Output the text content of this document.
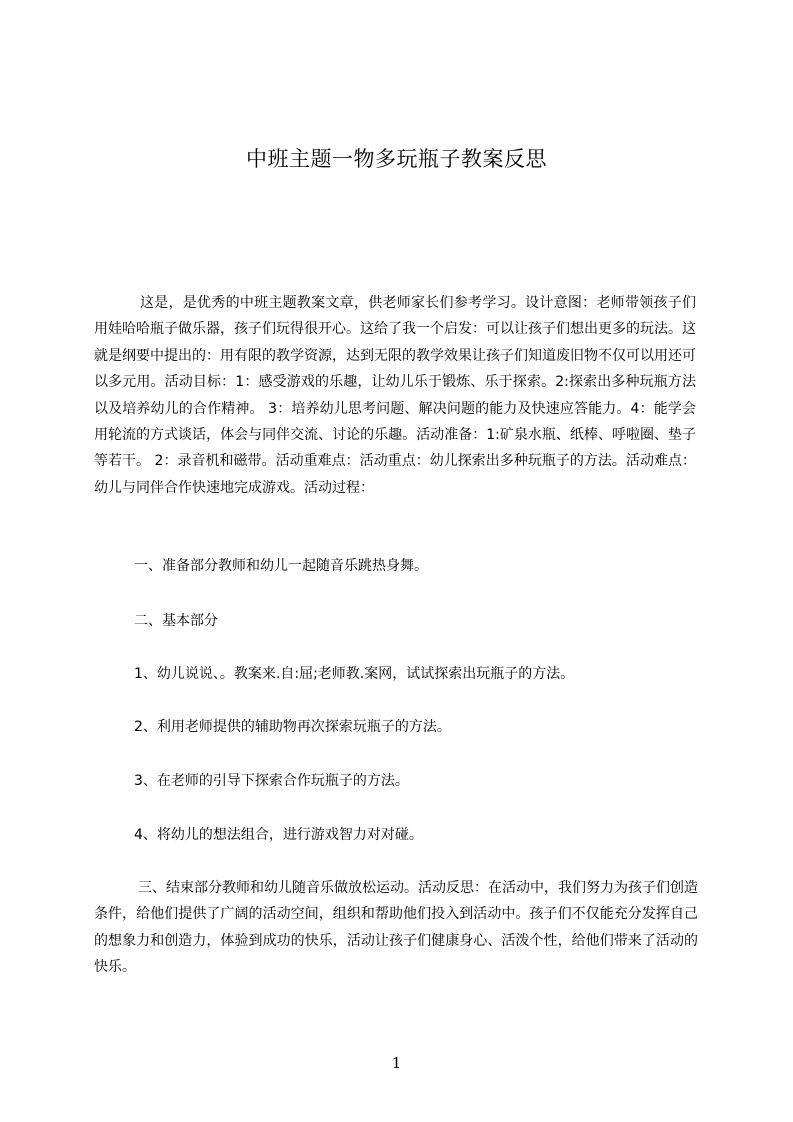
中班主题一物多玩瓶子教案反思

这是，是优秀的中班主题教案文章，供老师家长们参考学习。设计意图：老师带领孩子们用娃哈哈瓶子做乐器，孩子们玩得很开心。这给了我一个启发：可以让孩子们想出更多的玩法。这就是纲要中提出的：用有限的教学资源，达到无限的教学效果让孩子们知道废旧物不仅可以用还可以多元用。活动目标：1：感受游戏的乐趣，让幼儿乐于锻炼、乐于探索。2:探索出多种玩瓶方法以及培养幼儿的合作精神。 3：培养幼儿思考问题、解决问题的能力及快速应答能力。4：能学会用轮流的方式谈话，体会与同伴交流、讨论的乐趣。活动准备：1:矿泉水瓶、纸棒、呼啦圈、垫子等若干。 2：录音机和磁带。活动重难点：活动重点：幼儿探索出多种玩瓶子的方法。活动难点：幼儿与同伴合作快速地完成游戏。活动过程：

一、准备部分教师和幼儿一起随音乐跳热身舞。

二、基本部分

1、幼儿说说、。教案来.自:屈;老师教.案网，试试探索出玩瓶子的方法。

2、利用老师提供的辅助物再次探索玩瓶子的方法。

3、在老师的引导下探索合作玩瓶子的方法。

4、将幼儿的想法组合，进行游戏智力对对碰。

三、结束部分教师和幼儿随音乐做放松运动。活动反思：在活动中，我们努力为孩子们创造条件，给他们提供了广阔的活动空间，组织和帮助他们投入到活动中。孩子们不仅能充分发挥自己的想象力和创造力，体验到成功的快乐，活动让孩子们健康身心、活泼个性，给他们带来了活动的快乐。

1
